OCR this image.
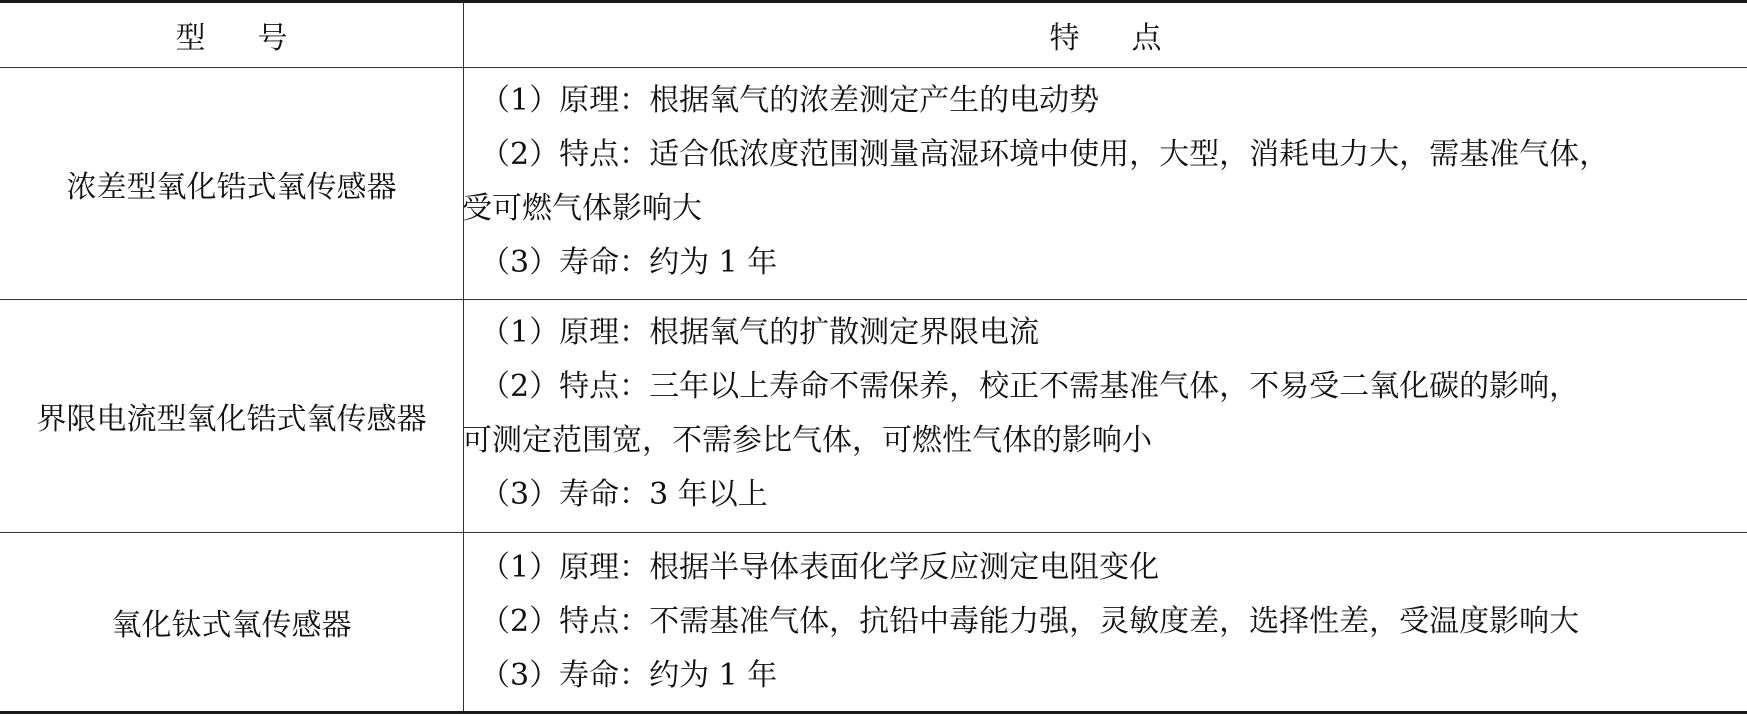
型号	特点
浓差型氧化锆式氧传感器
（1）原理：根据氧气的浓差测定产生的电动势
（2）特点：适合低浓度范围测量高湿环境中使用，大型，消耗电力大，需基准气体，
受可燃气体影响大
（3）寿命：约为 1 年
界限电流型氧化锆式氧传感器
（1）原理：根据氧气的扩散测定界限电流
（2）特点：三年以上寿命不需保养，校正不需基准气体，不易受二氧化碳的影响，
可测定范围宽，不需参比气体，可燃性气体的影响小
（3）寿命：3 年以上
氧化钛式氧传感器
（1）原理：根据半导体表面化学反应测定电阻变化
（2）特点：不需基准气体，抗铅中毒能力强，灵敏度差，选择性差，受温度影响大
（3）寿命：约为 1 年
